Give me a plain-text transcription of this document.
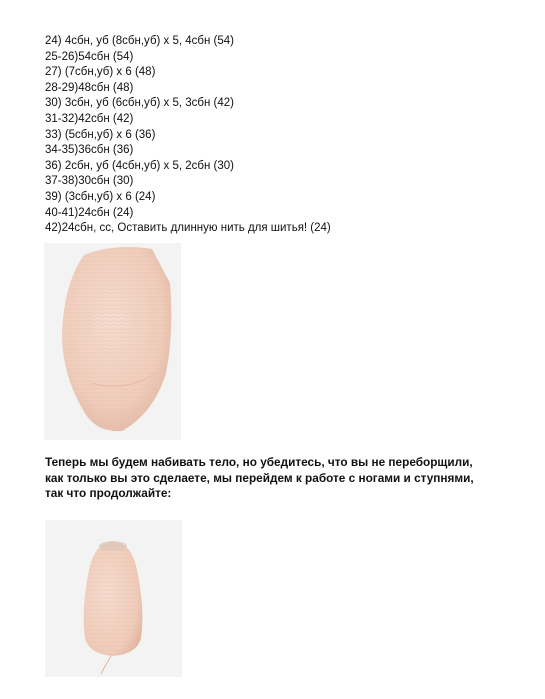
24) 4сбн, уб (8сбн,уб) x 5, 4сбн (54)
25-26)54сбн (54)
27) (7сбн,уб) x 6 (48)
28-29)48сбн (48)
30) 3сбн, уб (6сбн,уб) x 5, 3сбн (42)
31-32)42сбн (42)
33) (5сбн,уб) x 6 (36)
34-35)36сбн (36)
36) 2сбн, уб (4сбн,уб) x 5, 2сбн (30)
37-38)30сбн (30)
39) (3сбн,уб) x 6 (24)
40-41)24сбн (24)
42)24сбн, сс, Оставить длинную нить для шитья! (24)
Теперь мы будем набивать тело, но убедитесь, что вы не переборщили,
как только вы это сделаете, мы перейдем к работе с ногами и ступнями,
так что продолжайте:
